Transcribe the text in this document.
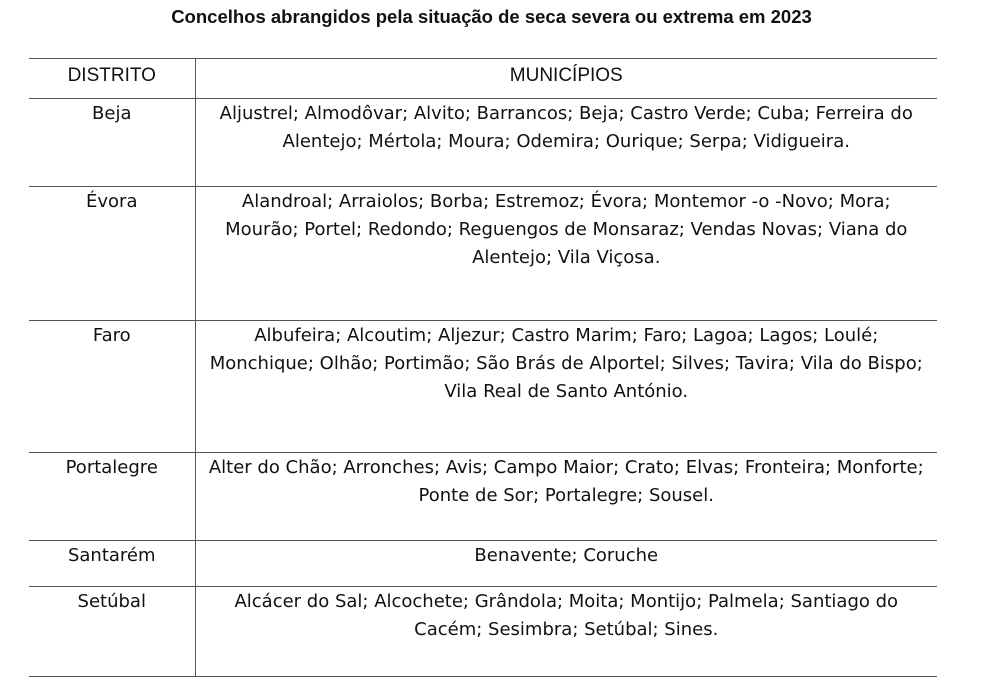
Concelhos abrangidos pela situação de seca severa ou extrema em 2023
DISTRITO	MUNICÍPIOS
Beja	Aljustrel; Almodôvar; Alvito; Barrancos; Beja; Castro Verde; Cuba; Ferreira do Alentejo; Mértola; Moura; Odemira; Ourique; Serpa; Vidigueira.
Évora	Alandroal; Arraiolos; Borba; Estremoz; Évora; Montemor -o -Novo; Mora; Mourão; Portel; Redondo; Reguengos de Monsaraz; Vendas Novas; Viana do Alentejo; Vila Viçosa.
Faro	Albufeira; Alcoutim; Aljezur; Castro Marim; Faro; Lagoa; Lagos; Loulé; Monchique; Olhão; Portimão; São Brás de Alportel; Silves; Tavira; Vila do Bispo; Vila Real de Santo António.
Portalegre	Alter do Chão; Arronches; Avis; Campo Maior; Crato; Elvas; Fronteira; Monforte; Ponte de Sor; Portalegre; Sousel.
Santarém	Benavente; Coruche
Setúbal	Alcácer do Sal; Alcochete; Grândola; Moita; Montijo; Palmela; Santiago do Cacém; Sesimbra; Setúbal; Sines.
